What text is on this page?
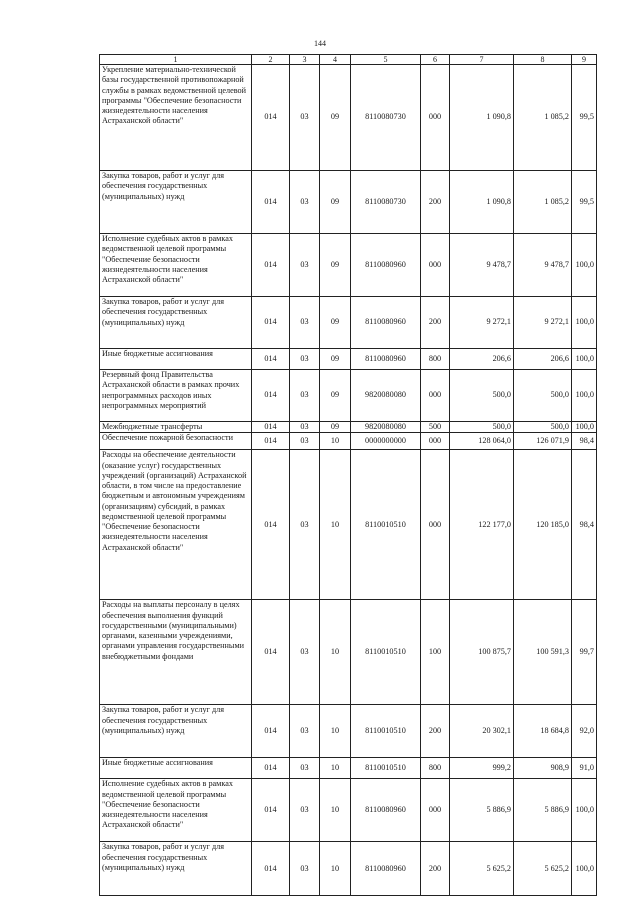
144
1	2	3	4	5	6	7	8	9
Укрепление материально-технической базы государственной противопожарной службы в рамках ведомственной целевой программы "Обеспечение безопасности жизнедеятельности населения Астраханской области"	014	03	09	8110080730	000	1 090,8	1 085,2	99,5
Закупка товаров, работ и услуг для обеспечения государственных (муниципальных) нужд	014	03	09	8110080730	200	1 090,8	1 085,2	99,5
Исполнение судебных актов в рамках ведомственной целевой программы "Обеспечение безопасности жизнедеятельности населения Астраханской области"	014	03	09	8110080960	000	9 478,7	9 478,7	100,0
Закупка товаров, работ и услуг для обеспечения государственных (муниципальных) нужд	014	03	09	8110080960	200	9 272,1	9 272,1	100,0
Иные бюджетные ассигнования	014	03	09	8110080960	800	206,6	206,6	100,0
Резервный фонд Правительства Астраханской области в рамках прочих непрограммных расходов иных непрограммных мероприятий	014	03	09	9820080080	000	500,0	500,0	100,0
Межбюджетные трансферты	014	03	09	9820080080	500	500,0	500,0	100,0
Обеспечение пожарной безопасности	014	03	10	0000000000	000	128 064,0	126 071,9	98,4
Расходы на обеспечение деятельности (оказание услуг) государственных учреждений (организаций) Астраханской области, в том числе на предоставление бюджетным и автономным учреждениям (организациям) субсидий, в рамках ведомственной целевой программы "Обеспечение безопасности жизнедеятельности населения Астраханской области"	014	03	10	8110010510	000	122 177,0	120 185,0	98,4
Расходы на выплаты персоналу в целях обеспечения выполнения функций государственными (муниципальными) органами, казенными учреждениями, органами управления государственными внебюджетными фондами	014	03	10	8110010510	100	100 875,7	100 591,3	99,7
Закупка товаров, работ и услуг для обеспечения государственных (муниципальных) нужд	014	03	10	8110010510	200	20 302,1	18 684,8	92,0
Иные бюджетные ассигнования	014	03	10	8110010510	800	999,2	908,9	91,0
Исполнение судебных актов в рамках ведомственной целевой программы "Обеспечение безопасности жизнедеятельности населения Астраханской области"	014	03	10	8110080960	000	5 886,9	5 886,9	100,0
Закупка товаров, работ и услуг для обеспечения государственных (муниципальных) нужд	014	03	10	8110080960	200	5 625,2	5 625,2	100,0
